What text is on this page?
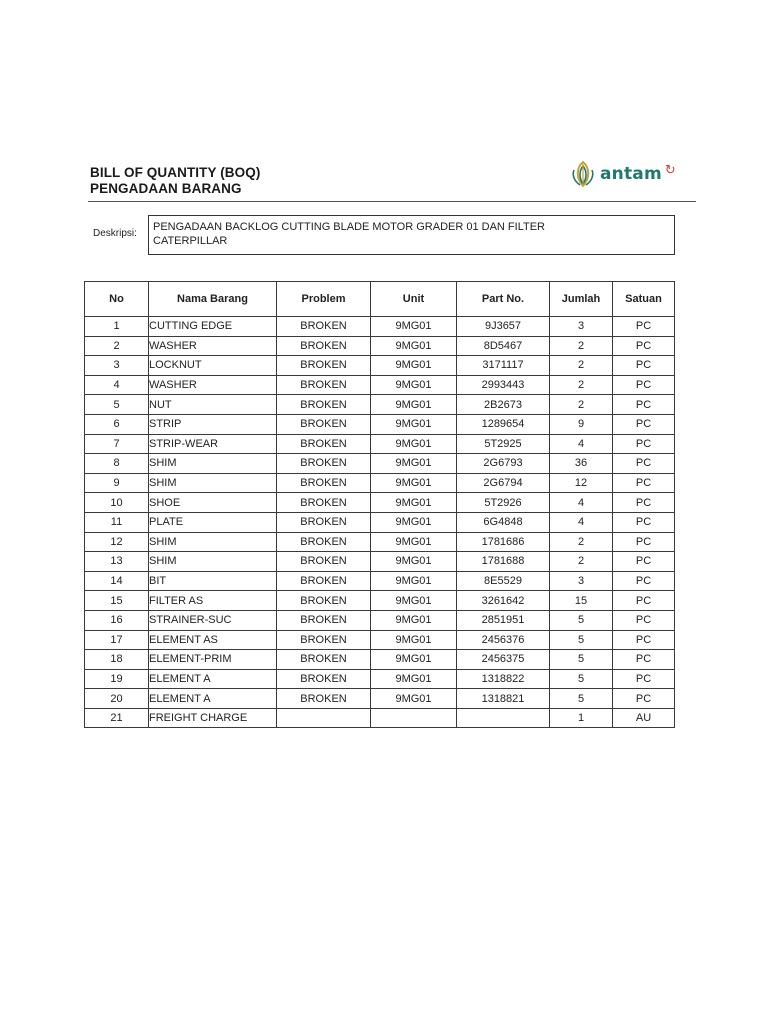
BILL OF QUANTITY (BOQ)
PENGADAAN BARANG
antam ↻
Deskripsi:
PENGADAAN BACKLOG CUTTING BLADE MOTOR GRADER 01 DAN FILTER
CATERPILLAR
No	Nama Barang	Problem	Unit	Part No.	Jumlah	Satuan
1	CUTTING EDGE	BROKEN	9MG01	9J3657	3	PC
2	WASHER	BROKEN	9MG01	8D5467	2	PC
3	LOCKNUT	BROKEN	9MG01	3171117	2	PC
4	WASHER	BROKEN	9MG01	2993443	2	PC
5	NUT	BROKEN	9MG01	2B2673	2	PC
6	STRIP	BROKEN	9MG01	1289654	9	PC
7	STRIP-WEAR	BROKEN	9MG01	5T2925	4	PC
8	SHIM	BROKEN	9MG01	2G6793	36	PC
9	SHIM	BROKEN	9MG01	2G6794	12	PC
10	SHOE	BROKEN	9MG01	5T2926	4	PC
11	PLATE	BROKEN	9MG01	6G4848	4	PC
12	SHIM	BROKEN	9MG01	1781686	2	PC
13	SHIM	BROKEN	9MG01	1781688	2	PC
14	BIT	BROKEN	9MG01	8E5529	3	PC
15	FILTER AS	BROKEN	9MG01	3261642	15	PC
16	STRAINER-SUC	BROKEN	9MG01	2851951	5	PC
17	ELEMENT AS	BROKEN	9MG01	2456376	5	PC
18	ELEMENT-PRIM	BROKEN	9MG01	2456375	5	PC
19	ELEMENT A	BROKEN	9MG01	1318822	5	PC
20	ELEMENT A	BROKEN	9MG01	1318821	5	PC
21	FREIGHT CHARGE				1	AU
